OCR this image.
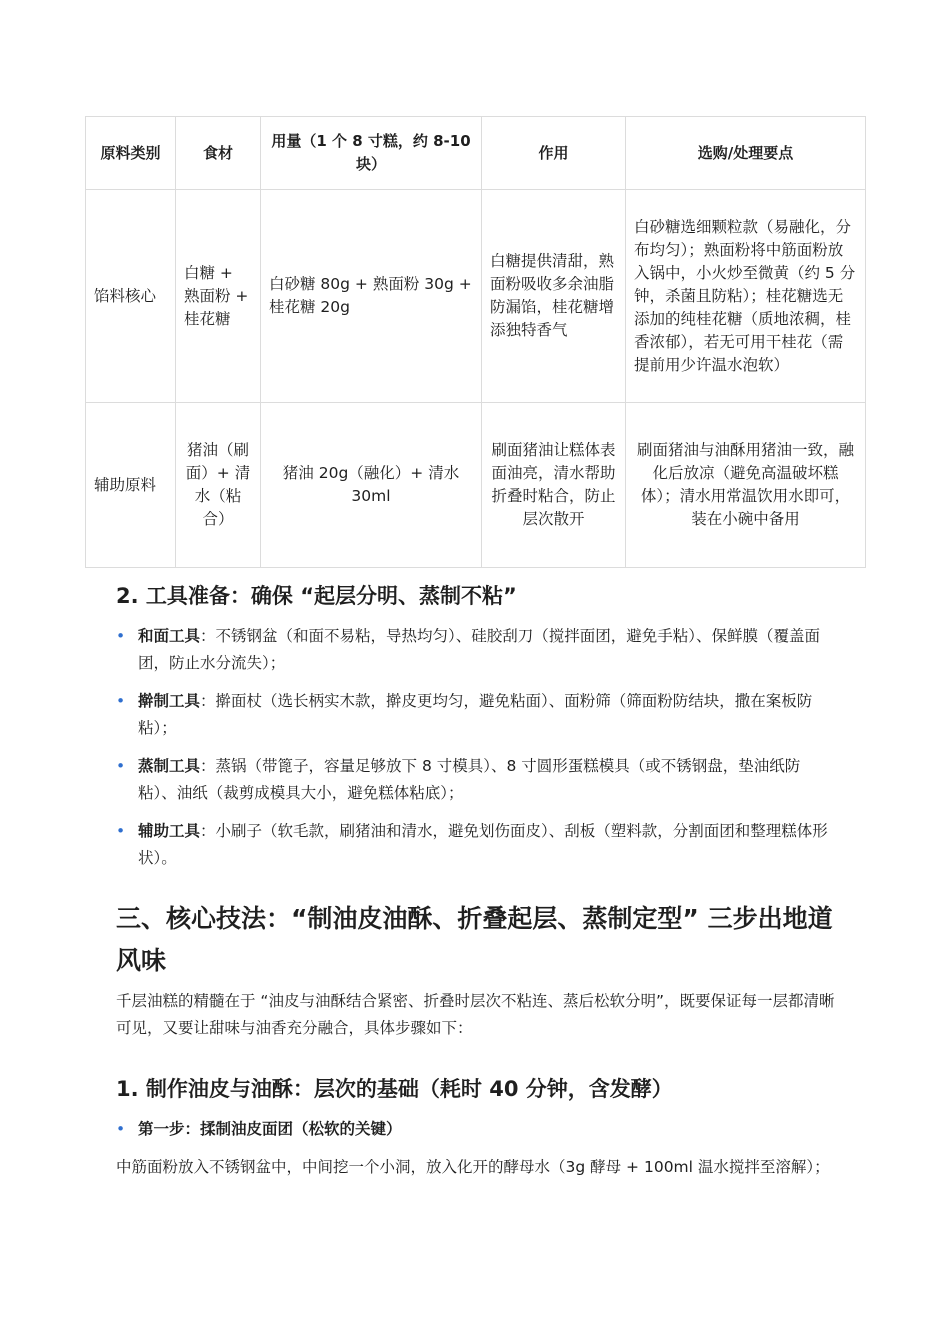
原料类别	食材	用量（1 个 8 寸糕，约 8-10 块）	作用	选购/处理要点
馅料核心	白糖 + 熟面粉 + 桂花糖	白砂糖 80g + 熟面粉 30g + 桂花糖 20g	白糖提供清甜，熟面粉吸收多余油脂防漏馅，桂花糖增添独特香气	白砂糖选细颗粒款（易融化，分布均匀）；熟面粉将中筋面粉放入锅中，小火炒至微黄（约 5 分钟，杀菌且防粘）；桂花糖选无添加的纯桂花糖（质地浓稠，桂香浓郁），若无可用干桂花（需提前用少许温水泡软）
辅助原料	猪油（刷面）+ 清水（粘合）	猪油 20g（融化）+ 清水 30ml	刷面猪油让糕体表面油亮，清水帮助折叠时粘合，防止层次散开	刷面猪油与油酥用猪油一致，融化后放凉（避免高温破坏糕体）；清水用常温饮用水即可，装在小碗中备用
2. 工具准备：确保 “起层分明、蒸制不粘”
• 和面工具：不锈钢盆（和面不易粘，导热均匀）、硅胶刮刀（搅拌面团，避免手粘）、保鲜膜（覆盖面团，防止水分流失）；
• 擀制工具：擀面杖（选长柄实木款，擀皮更均匀，避免粘面）、面粉筛（筛面粉防结块，撒在案板防粘）；
• 蒸制工具：蒸锅（带篦子，容量足够放下 8 寸模具）、8 寸圆形蛋糕模具（或不锈钢盘，垫油纸防粘）、油纸（裁剪成模具大小，避免糕体粘底）；
• 辅助工具：小刷子（软毛款，刷猪油和清水，避免划伤面皮）、刮板（塑料款，分割面团和整理糕体形状）。
三、核心技法：“制油皮油酥、折叠起层、蒸制定型” 三步出地道风味

千层油糕的精髓在于 “油皮与油酥结合紧密、折叠时层次不粘连、蒸后松软分明”，既要保证每一层都清晰可见，又要让甜味与油香充分融合，具体步骤如下：

1. 制作油皮与油酥：层次的基础（耗时 40 分钟，含发酵）
• 第一步：揉制油皮面团（松软的关键）

中筋面粉放入不锈钢盆中，中间挖一个小洞，放入化开的酵母水（3g 酵母 + 100ml 温水搅拌至溶解）；
